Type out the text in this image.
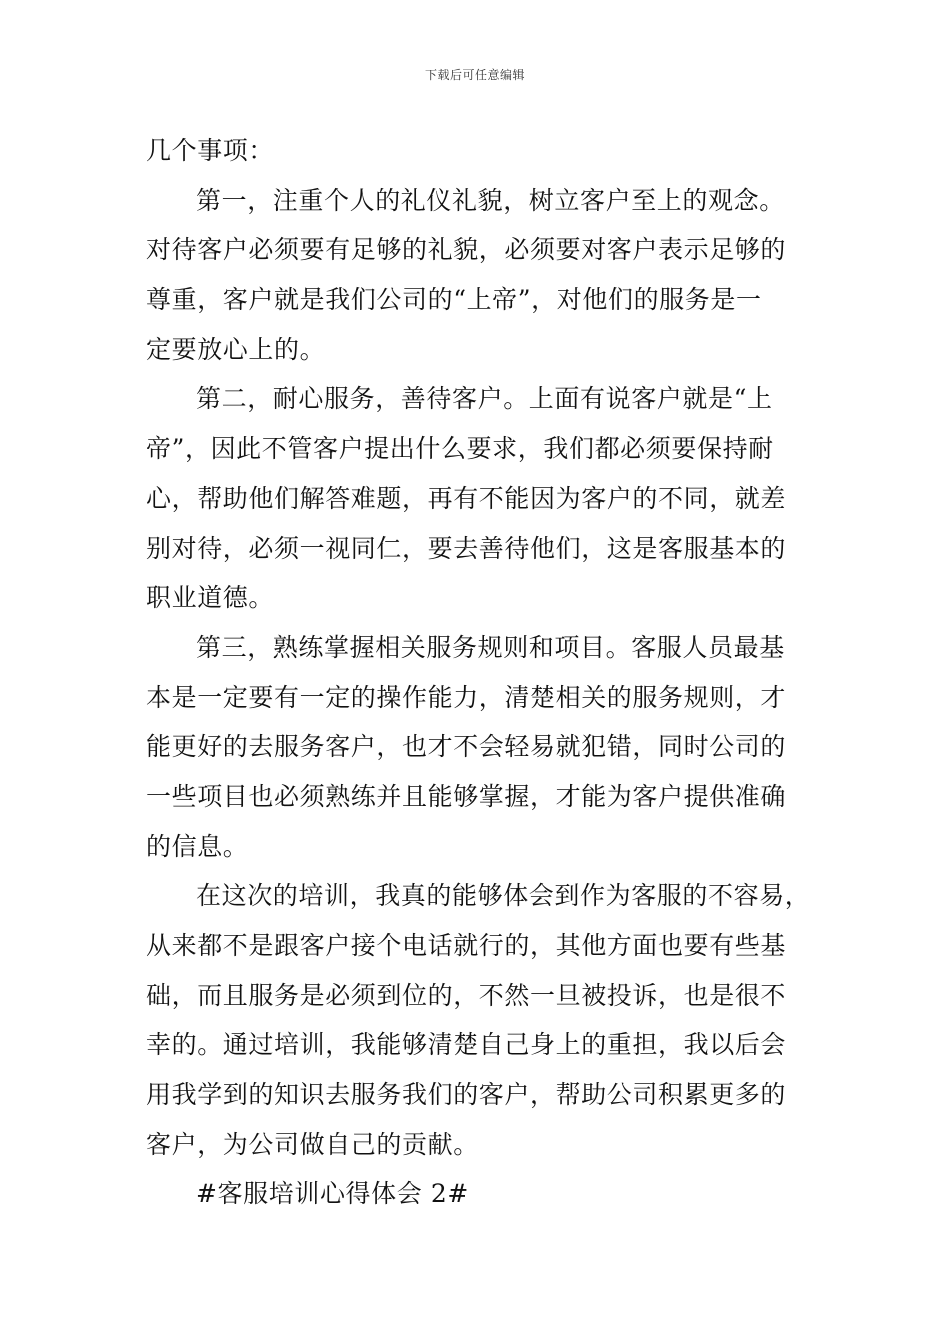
下载后可任意编辑
几个事项：
第一，注重个人的礼仪礼貌，树立客户至上的观念。
对待客户必须要有足够的礼貌，必须要对客户表示足够的
尊重，客户就是我们公司的“上帝”，对他们的服务是一
定要放心上的。
第二，耐心服务，善待客户。上面有说客户就是“上
帝”，因此不管客户提出什么要求，我们都必须要保持耐
心，帮助他们解答难题，再有不能因为客户的不同，就差
别对待，必须一视同仁，要去善待他们，这是客服基本的
职业道德。
第三，熟练掌握相关服务规则和项目。客服人员最基
本是一定要有一定的操作能力，清楚相关的服务规则，才
能更好的去服务客户，也才不会轻易就犯错，同时公司的
一些项目也必须熟练并且能够掌握，才能为客户提供准确
的信息。
在这次的培训，我真的能够体会到作为客服的不容易，
从来都不是跟客户接个电话就行的，其他方面也要有些基
础，而且服务是必须到位的，不然一旦被投诉，也是很不
幸的。通过培训，我能够清楚自己身上的重担，我以后会
用我学到的知识去服务我们的客户，帮助公司积累更多的
客户，为公司做自己的贡献。
#客服培训心得体会 2#
